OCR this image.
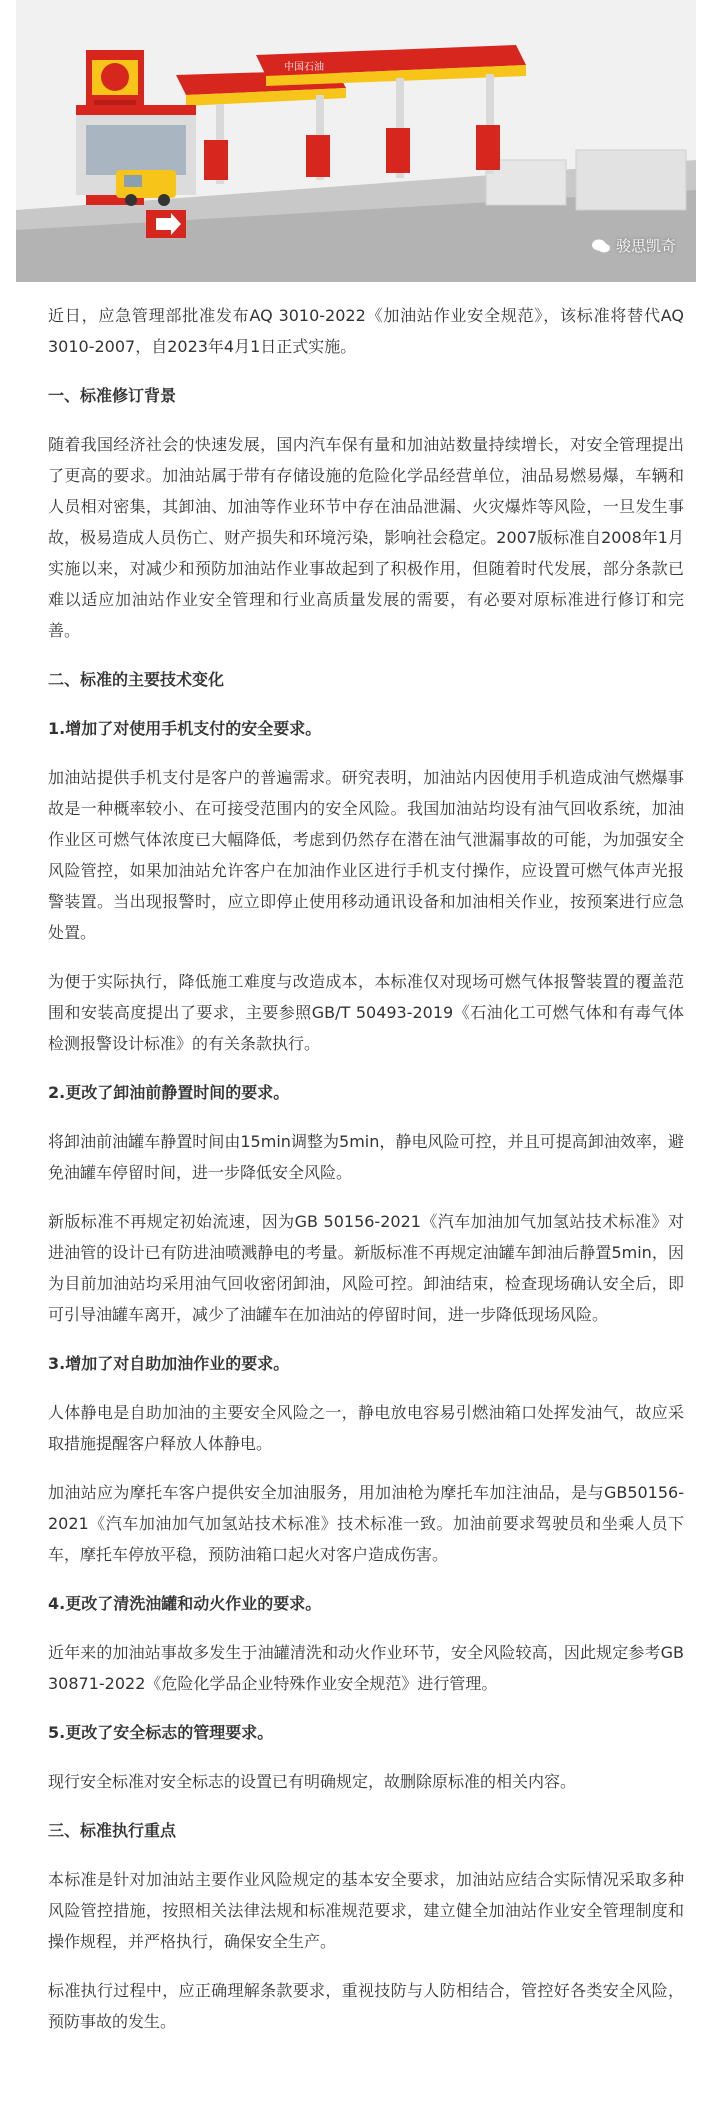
中国石油
骏思凯奇

近日，应急管理部批准发布AQ 3010-2022《加油站作业安全规范》，该标准将替代AQ 3010-2007，自2023年4月1日正式实施。

一、标准修订背景

随着我国经济社会的快速发展，国内汽车保有量和加油站数量持续增长，对安全管理提出了更高的要求。加油站属于带有存储设施的危险化学品经营单位，油品易燃易爆，车辆和人员相对密集，其卸油、加油等作业环节中存在油品泄漏、火灾爆炸等风险，一旦发生事故，极易造成人员伤亡、财产损失和环境污染，影响社会稳定。2007版标准自2008年1月实施以来，对减少和预防加油站作业事故起到了积极作用，但随着时代发展，部分条款已难以适应加油站作业安全管理和行业高质量发展的需要，有必要对原标准进行修订和完善。

二、标准的主要技术变化
1.增加了对使用手机支付的安全要求。

加油站提供手机支付是客户的普遍需求。研究表明，加油站内因使用手机造成油气燃爆事故是一种概率较小、在可接受范围内的安全风险。我国加油站均设有油气回收系统，加油作业区可燃气体浓度已大幅降低，考虑到仍然存在潜在油气泄漏事故的可能，为加强安全风险管控，如果加油站允许客户在加油作业区进行手机支付操作，应设置可燃气体声光报警装置。当出现报警时，应立即停止使用移动通讯设备和加油相关作业，按预案进行应急处置。

为便于实际执行，降低施工难度与改造成本，本标准仅对现场可燃气体报警装置的覆盖范围和安装高度提出了要求，主要参照GB/T 50493-2019《石油化工可燃气体和有毒气体检测报警设计标准》的有关条款执行。

2.更改了卸油前静置时间的要求。

将卸油前油罐车静置时间由15min调整为5min，静电风险可控，并且可提高卸油效率，避免油罐车停留时间，进一步降低安全风险。

新版标准不再规定初始流速，因为GB 50156-2021《汽车加油加气加氢站技术标准》对进油管的设计已有防进油喷溅静电的考量。新版标准不再规定油罐车卸油后静置5min，因为目前加油站均采用油气回收密闭卸油，风险可控。卸油结束，检查现场确认安全后，即可引导油罐车离开，减少了油罐车在加油站的停留时间，进一步降低现场风险。

3.增加了对自助加油作业的要求。

人体静电是自助加油的主要安全风险之一，静电放电容易引燃油箱口处挥发油气，故应采取措施提醒客户释放人体静电。

加油站应为摩托车客户提供安全加油服务，用加油枪为摩托车加注油品，是与GB50156-2021《汽车加油加气加氢站技术标准》技术标准一致。加油前要求驾驶员和坐乘人员下车，摩托车停放平稳，预防油箱口起火对客户造成伤害。

4.更改了清洗油罐和动火作业的要求。

近年来的加油站事故多发生于油罐清洗和动火作业环节，安全风险较高，因此规定参考GB 30871-2022《危险化学品企业特殊作业安全规范》进行管理。

5.更改了安全标志的管理要求。

现行安全标准对安全标志的设置已有明确规定，故删除原标准的相关内容。

三、标准执行重点

本标准是针对加油站主要作业风险规定的基本安全要求，加油站应结合实际情况采取多种风险管控措施，按照相关法律法规和标准规范要求，建立健全加油站作业安全管理制度和操作规程，并严格执行，确保安全生产。

标准执行过程中，应正确理解条款要求，重视技防与人防相结合，管控好各类安全风险，预防事故的发生。
